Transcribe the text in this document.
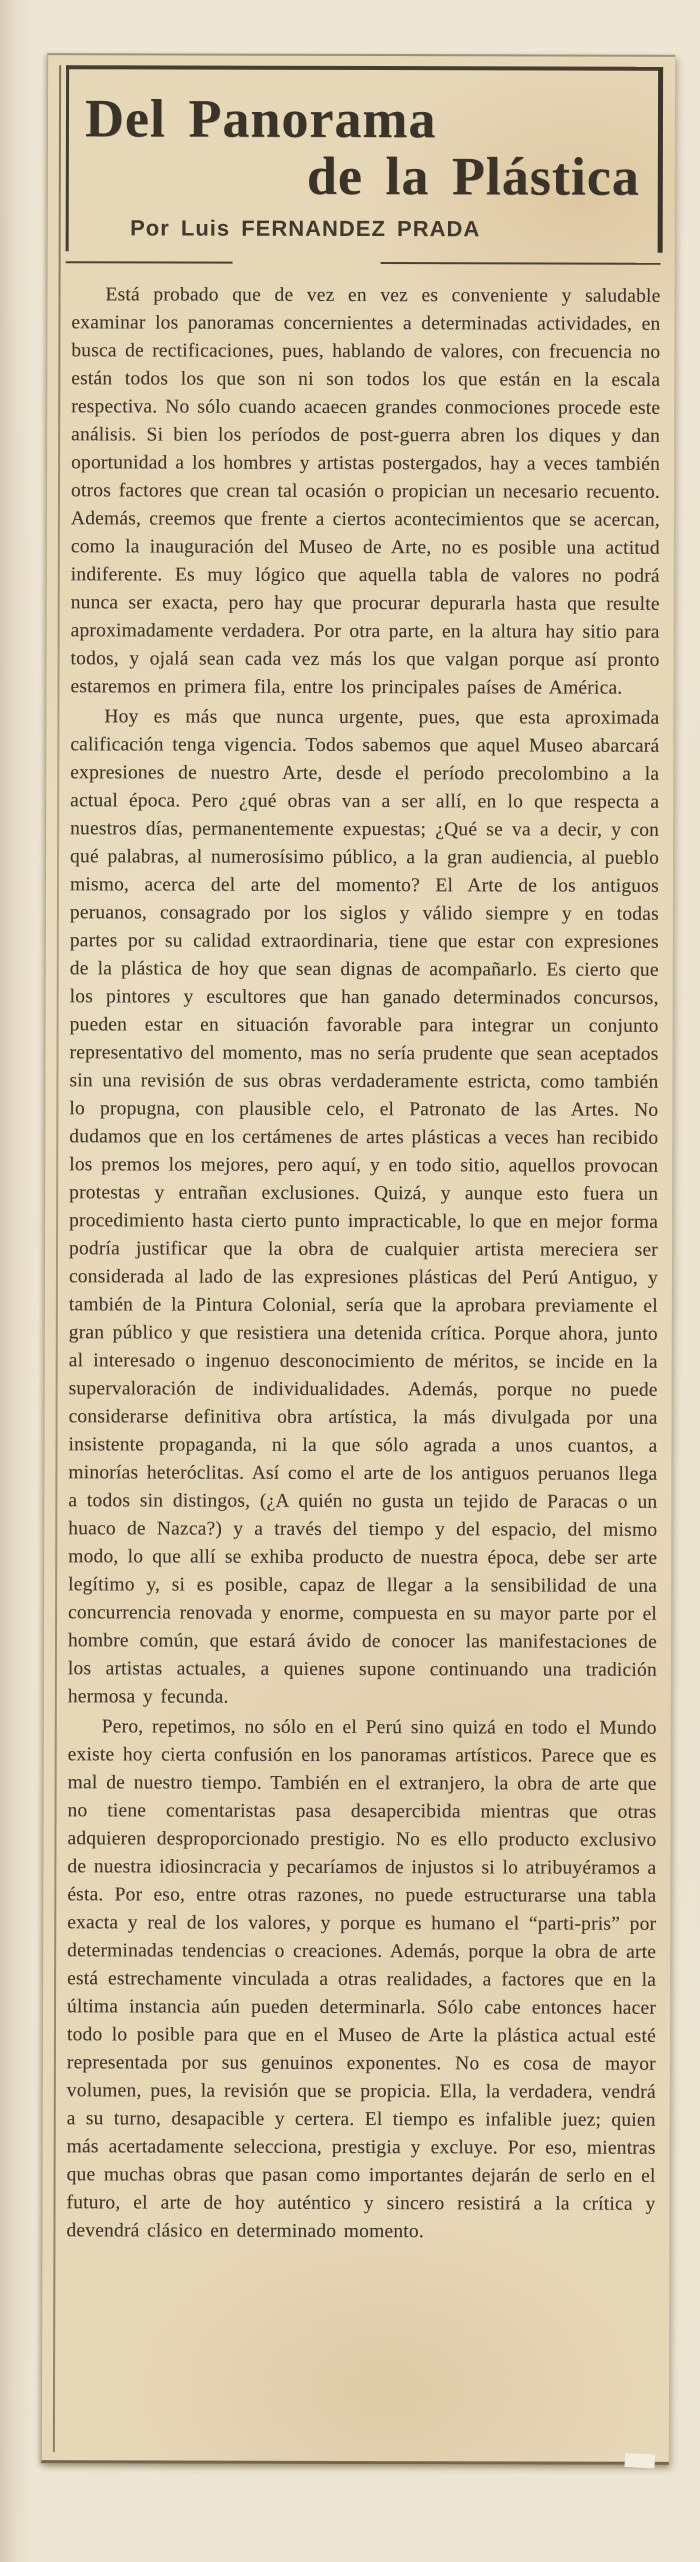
Del Panorama
de la Plástica
Por Luis FERNANDEZ PRADA

Está probado que de vez en vez es conveniente y saludable examinar los panoramas concernientes a determinadas actividades, en busca de rectificaciones, pues, hablando de valores, con frecuencia no están todos los que son ni son todos los que están en la escala respectiva. No sólo cuando acaecen grandes conmociones procede este análisis. Si bien los períodos de post-guerra abren los diques y dan oportunidad a los hombres y artistas postergados, hay a veces también otros factores que crean tal ocasión o propician un necesario recuento. Además, creemos que frente a ciertos acontecimientos que se acercan, como la inauguración del Museo de Arte, no es posible una actitud indiferente. Es muy lógico que aquella tabla de valores no podrá nunca ser exacta, pero hay que procurar depurarla hasta que resulte aproximadamente verdadera. Por otra parte, en la altura hay sitio para todos, y ojalá sean cada vez más los que valgan porque así pronto estaremos en primera fila, entre los principales países de América.

Hoy es más que nunca urgente, pues, que esta aproximada calificación tenga vigencia. Todos sabemos que aquel Museo abarcará expresiones de nuestro Arte, desde el período precolombino a la actual época. Pero ¿qué obras van a ser allí, en lo que respecta a nuestros días, permanentemente expuestas; ¿Qué se va a decir, y con qué palabras, al numerosísimo público, a la gran audiencia, al pueblo mismo, acerca del arte del momento? El Arte de los antiguos peruanos, consagrado por los siglos y válido siempre y en todas partes por su calidad extraordinaria, tiene que estar con expresiones de la plástica de hoy que sean dignas de acompañarlo. Es cierto que los pintores y escultores que han ganado determinados concursos, pueden estar en situación favorable para integrar un conjunto representativo del momento, mas no sería prudente que sean aceptados sin una revisión de sus obras verdaderamente estricta, como también lo propugna, con plausible celo, el Patronato de las Artes. No dudamos que en los certámenes de artes plásticas a veces han recibido los premos los mejores, pero aquí, y en todo sitio, aquellos provocan protestas y entrañan exclusiones. Quizá, y aunque esto fuera un procedimiento hasta cierto punto impracticable, lo que en mejor forma podría justificar que la obra de cualquier artista mereciera ser considerada al lado de las expresiones plásticas del Perú Antiguo, y también de la Pintura Colonial, sería que la aprobara previamente el gran público y que resistiera una detenida crítica. Porque ahora, junto al interesado o ingenuo desconocimiento de méritos, se incide en la supervaloración de individualidades. Además, porque no puede considerarse definitiva obra artística, la más divulgada por una insistente propaganda, ni la que sólo agrada a unos cuantos, a minorías heteróclitas. Así como el arte de los antiguos peruanos llega a todos sin distingos, (¿A quién no gusta un tejido de Paracas o un huaco de Nazca?) y a través del tiempo y del espacio, del mismo modo, lo que allí se exhiba producto de nuestra época, debe ser arte legítimo y, si es posible, capaz de llegar a la sensibilidad de una concurrencia renovada y enorme, compuesta en su mayor parte por el hombre común, que estará ávido de conocer las manifestaciones de los artistas actuales, a quienes supone continuando una tradición hermosa y fecunda.

Pero, repetimos, no sólo en el Perú sino quizá en todo el Mundo existe hoy cierta confusión en los panoramas artísticos. Parece que es mal de nuestro tiempo. También en el extranjero, la obra de arte que no tiene comentaristas pasa desapercibida mientras que otras adquieren desproporcionado prestigio. No es ello producto exclusivo de nuestra idiosincracia y pecaríamos de injustos si lo atribuyéramos a ésta. Por eso, entre otras razones, no puede estructurarse una tabla exacta y real de los valores, y porque es humano el “parti-pris” por determinadas tendencias o creaciones. Además, porque la obra de arte está estrechamente vinculada a otras realidades, a factores que en la última instancia aún pueden determinarla. Sólo cabe entonces hacer todo lo posible para que en el Museo de Arte la plástica actual esté representada por sus genuinos exponentes. No es cosa de mayor volumen, pues, la revisión que se propicia. Ella, la verdadera, vendrá a su turno, desapacible y certera. El tiempo es infalible juez; quien más acertadamente selecciona, prestigia y excluye. Por eso, mientras que muchas obras que pasan como importantes dejarán de serlo en el futuro, el arte de hoy auténtico y sincero resistirá a la crítica y devendrá clásico en determinado momento.
